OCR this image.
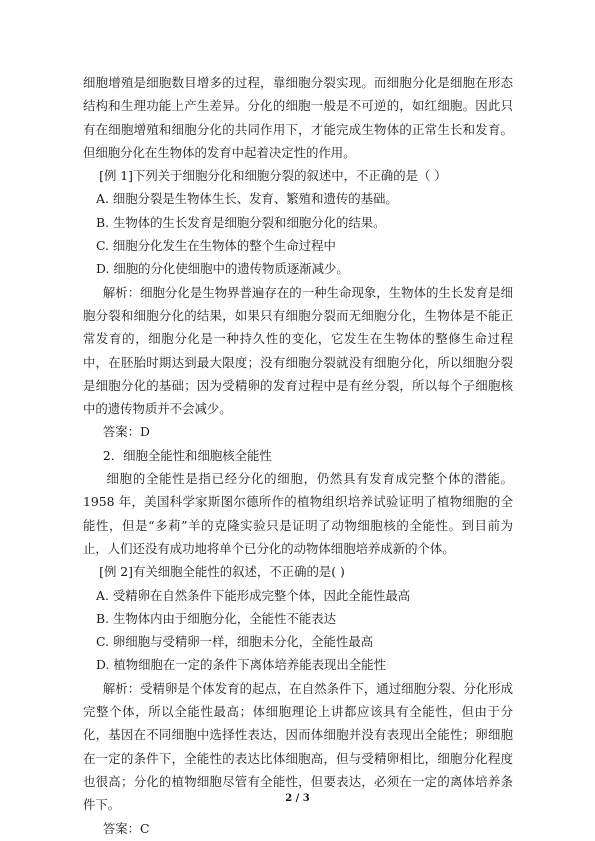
细胞增殖是细胞数目增多的过程，靠细胞分裂实现。而细胞分化是细胞在形态结构和生理功能上产生差异。分化的细胞一般是不可逆的，如红细胞。因此只有在细胞增殖和细胞分化的共同作用下，才能完成生物体的正常生长和发育。但细胞分化在生物体的发育中起着决定性的作用。

[例 1]下列关于细胞分化和细胞分裂的叙述中，不正确的是（ ）

A. 细胞分裂是生物体生长、发育、繁殖和遗传的基础。

B. 生物体的生长发育是细胞分裂和细胞分化的结果。

C. 细胞分化发生在生物体的整个生命过程中

D. 细胞的分化使细胞中的遗传物质逐渐减少。

解析：细胞分化是生物界普遍存在的一种生命现象，生物体的生长发育是细胞分裂和细胞分化的结果，如果只有细胞分裂而无细胞分化，生物体是不能正常发育的，细胞分化是一种持久性的变化，它发生在生物体的整修生命过程中，在胚胎时期达到最大限度；没有细胞分裂就没有细胞分化，所以细胞分裂是细胞分化的基础；因为受精卵的发育过程中是有丝分裂，所以每个子细胞核中的遗传物质并不会减少。

答案：D

2．细胞全能性和细胞核全能性

细胞的全能性是指已经分化的细胞，仍然具有发育成完整个体的潜能。1958 年，美国科学家斯图尔德所作的植物组织培养试验证明了植物细胞的全能性，但是“多莉”羊的克隆实验只是证明了动物细胞核的全能性。到目前为止，人们还没有成功地将单个已分化的动物体细胞培养成新的个体。

[例 2]有关细胞全能性的叙述，不正确的是( )

A. 受精卵在自然条件下能形成完整个体，因此全能性最高

B. 生物体内由于细胞分化，全能性不能表达

C. 卵细胞与受精卵一样，细胞未分化，全能性最高

D. 植物细胞在一定的条件下离体培养能表现出全能性

解析：受精卵是个体发育的起点，在自然条件下，通过细胞分裂、分化形成完整个体，所以全能性最高；体细胞理论上讲都应该具有全能性，但由于分化，基因在不同细胞中选择性表达，因而体细胞并没有表现出全能性；卵细胞在一定的条件下，全能性的表达比体细胞高，但与受精卵相比，细胞分化程度也很高；分化的植物细胞尽管有全能性，但要表达，必须在一定的离体培养条件下。

答案：C

2 / 3
